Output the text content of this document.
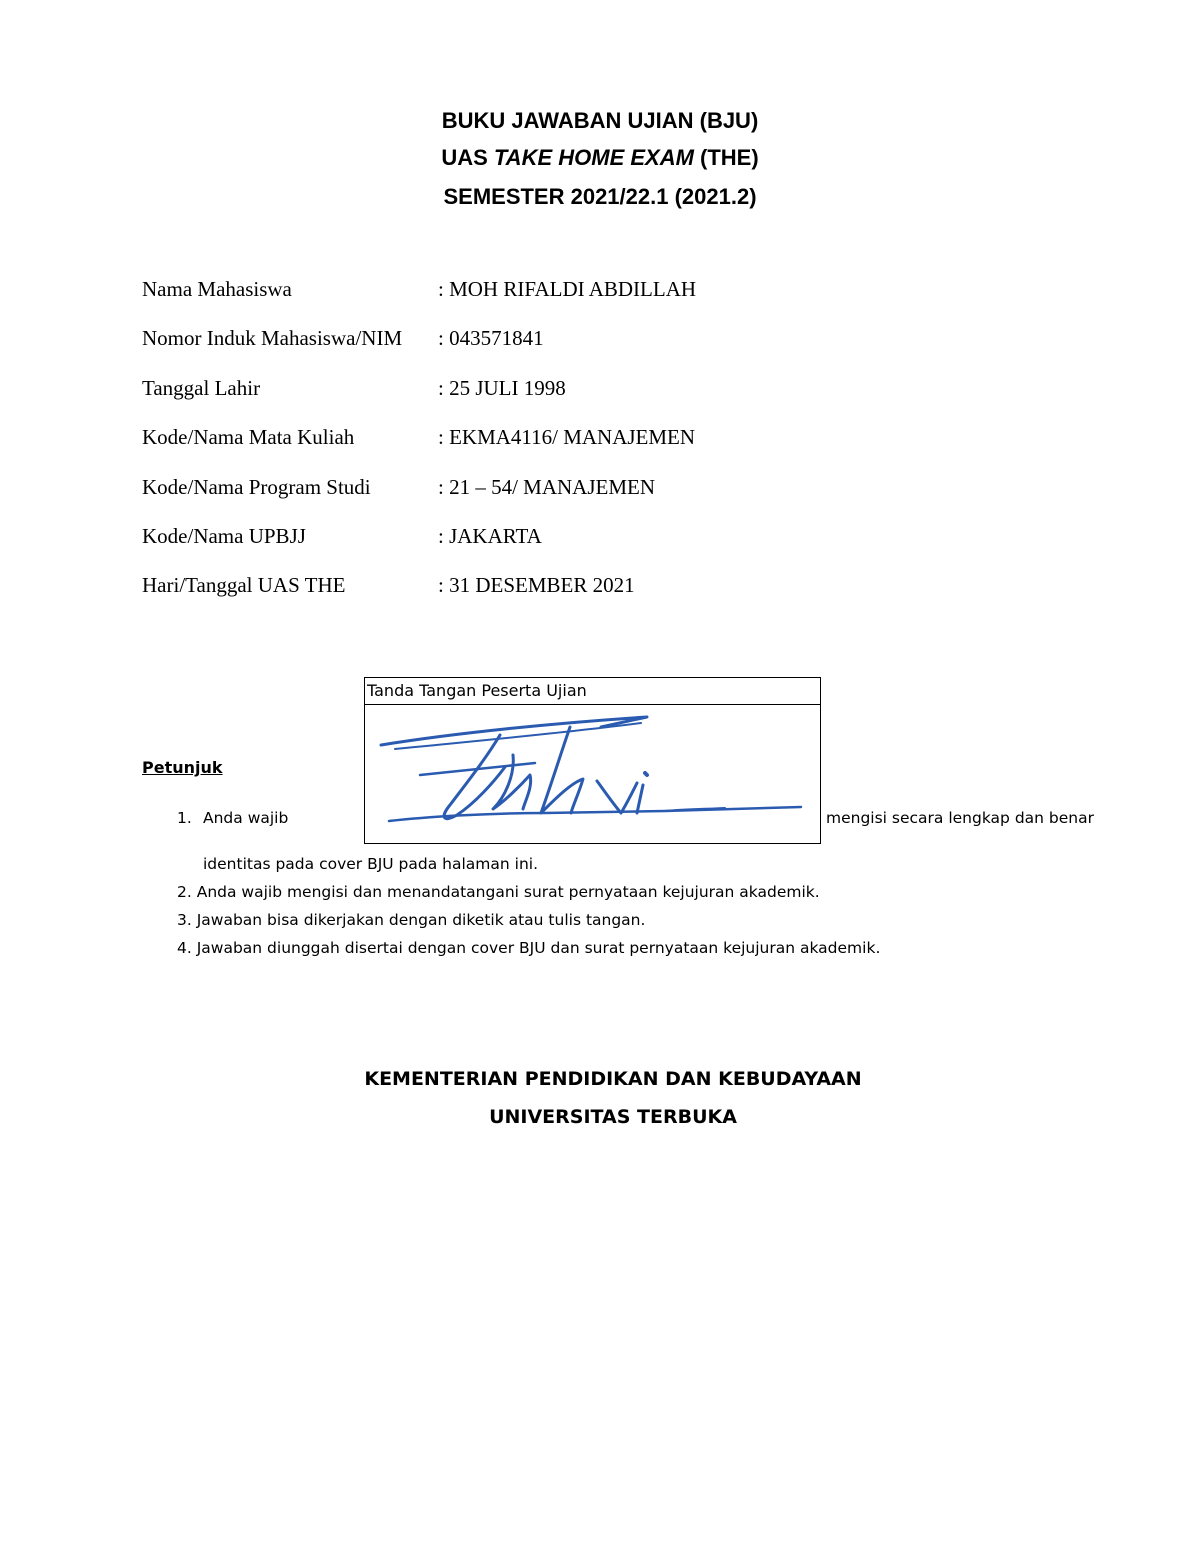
BUKU JAWABAN UJIAN (BJU)
UAS TAKE HOME EXAM (THE)
SEMESTER 2021/22.1 (2021.2)
Nama Mahasiswa	: MOH RIFALDI ABDILLAH
Nomor Induk Mahasiswa/NIM : 043571841
Tanggal Lahir	: 25 JULI 1998
Kode/Nama Mata Kuliah	: EKMA4116/ MANAJEMEN
Kode/Nama Program Studi	: 21 – 54/ MANAJEMEN
Kode/Nama UPBJJ	: JAKARTA
Hari/Tanggal UAS THE	: 31 DESEMBER 2021
Tanda Tangan Peserta Ujian
Petunjuk
1. Anda wajib	mengisi secara lengkap dan benar
identitas pada cover BJU pada halaman ini.
2. Anda wajib mengisi dan menandatangani surat pernyataan kejujuran akademik.
3. Jawaban bisa dikerjakan dengan diketik atau tulis tangan.
4. Jawaban diunggah disertai dengan cover BJU dan surat pernyataan kejujuran akademik.
KEMENTERIAN PENDIDIKAN DAN KEBUDAYAAN
UNIVERSITAS TERBUKA
